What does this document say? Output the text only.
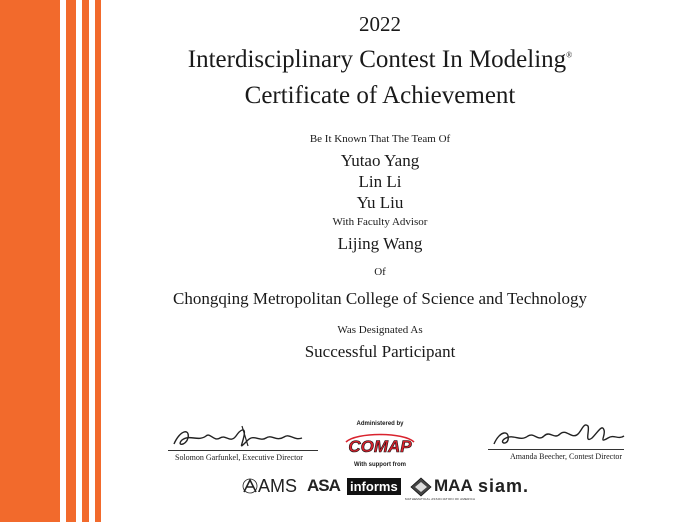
2022

Interdisciplinary Contest In Modeling®

Certificate of Achievement

Be It Known That The Team Of

Yutao Yang

Lin Li

Yu Liu

With Faculty Advisor

Lijing Wang

Of

Chongqing Metropolitan College of Science and Technology

Was Designated As

Successful Participant

Solomon Garfunkel, Executive Director	Amanda Beecher, Contest Director
Administered by
COMAP
With support from
AMS ASA informs MAA
MATHEMATICAL ASSOCIATION OF AMERICA
siam.
